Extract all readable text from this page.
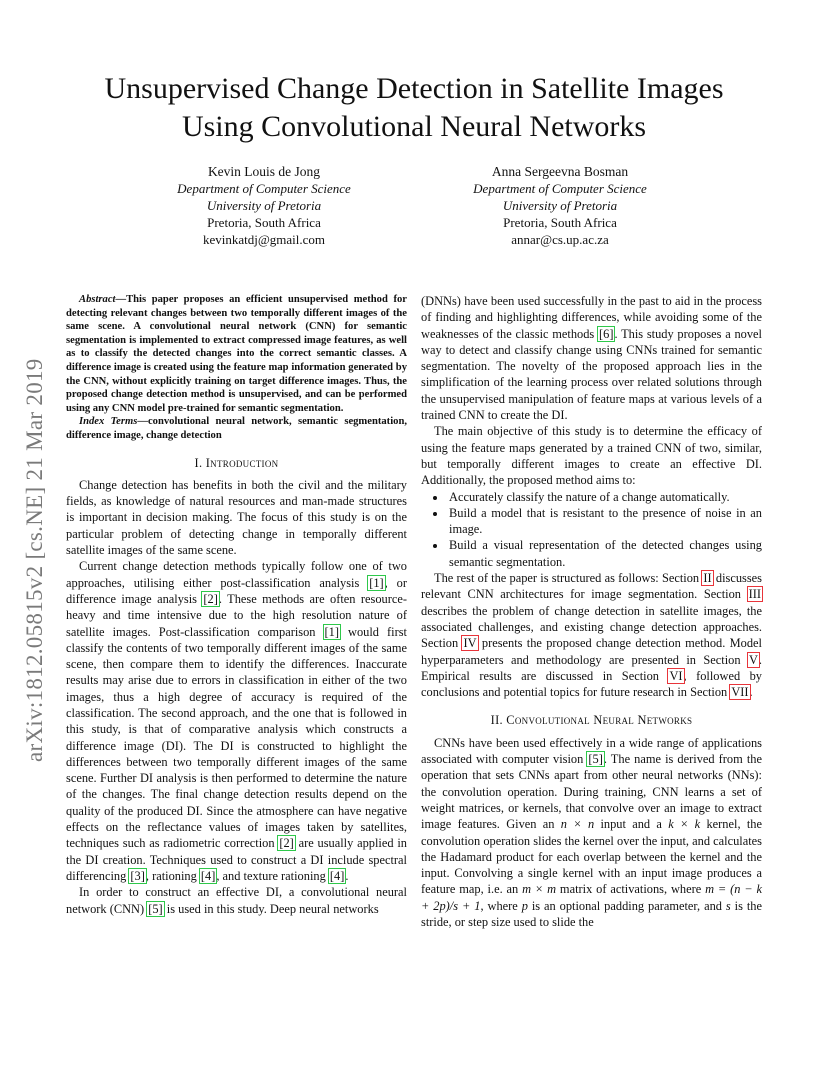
Unsupervised Change Detection in Satellite Images
Using Convolutional Neural Networks
Kevin Louis de Jong
Department of Computer Science
University of Pretoria
Pretoria, South Africa
kevinkatdj@gmail.com
Anna Sergeevna Bosman
Department of Computer Science
University of Pretoria
Pretoria, South Africa
annar@cs.up.ac.za
arXiv:1812.05815v2 [cs.NE] 21 Mar 2019

Abstract—This paper proposes an efficient unsupervised method for detecting relevant changes between two temporally different images of the same scene. A convolutional neural network (CNN) for semantic segmentation is implemented to extract compressed image features, as well as to classify the detected changes into the correct semantic classes. A difference image is created using the feature map information generated by the CNN, without explicitly training on target difference images. Thus, the proposed change detection method is unsupervised, and can be performed using any CNN model pre-trained for semantic segmentation.

Index Terms—convolutional neural network, semantic segmentation, difference image, change detection

I. Introduction

Change detection has benefits in both the civil and the military fields, as knowledge of natural resources and man-made structures is important in decision making. The focus of this study is on the particular problem of detecting change in temporally different satellite images of the same scene.

Current change detection methods typically follow one of two approaches, utilising either post-classification analysis [1], or difference image analysis [2]. These methods are often resource-heavy and time intensive due to the high resolution nature of satellite images. Post-classification comparison [1] would first classify the contents of two temporally different images of the same scene, then compare them to identify the differences. Inaccurate results may arise due to errors in classification in either of the two images, thus a high degree of accuracy is required of the classification. The second approach, and the one that is followed in this study, is that of comparative analysis which constructs a difference image (DI). The DI is constructed to highlight the differences between two temporally different images of the same scene. Further DI analysis is then performed to determine the nature of the changes. The final change detection results depend on the quality of the produced DI. Since the atmosphere can have negative effects on the reflectance values of images taken by satellites, techniques such as radiometric correction [2] are usually applied in the DI creation. Techniques used to construct a DI include spectral differencing [3], rationing [4], and texture rationing [4].

In order to construct an effective DI, a convolutional neural network (CNN) [5] is used in this study. Deep neural networks

(DNNs) have been used successfully in the past to aid in the process of finding and highlighting differences, while avoiding some of the weaknesses of the classic methods [6]. This study proposes a novel way to detect and classify change using CNNs trained for semantic segmentation. The novelty of the proposed approach lies in the simplification of the learning process over related solutions through the unsupervised manipulation of feature maps at various levels of a trained CNN to create the DI.

The main objective of this study is to determine the efficacy of using the feature maps generated by a trained CNN of two, similar, but temporally different images to create an effective DI. Additionally, the proposed method aims to:

• Accurately classify the nature of a change automatically.
• Build a model that is resistant to the presence of noise in an image.
• Build a visual representation of the detected changes using semantic segmentation.

The rest of the paper is structured as follows: Section II discusses relevant CNN architectures for image segmentation. Section III describes the problem of change detection in satellite images, the associated challenges, and existing change detection approaches. Section IV presents the proposed change detection method. Model hyperparameters and methodology are presented in Section V. Empirical results are discussed in Section VI, followed by conclusions and potential topics for future research in Section VII.

II. Convolutional Neural Networks

CNNs have been used effectively in a wide range of applications associated with computer vision [5]. The name is derived from the operation that sets CNNs apart from other neural networks (NNs): the convolution operation. During training, CNN learns a set of weight matrices, or kernels, that convolve over an image to extract image features. Given an n × n input and a k × k kernel, the convolution operation slides the kernel over the input, and calculates the Hadamard product for each overlap between the kernel and the input. Convolving a single kernel with an input image produces a feature map, i.e. an m × m matrix of activations, where m = (n − k + 2p)/s + 1, where p is an optional padding parameter, and s is the stride, or step size used to slide the
